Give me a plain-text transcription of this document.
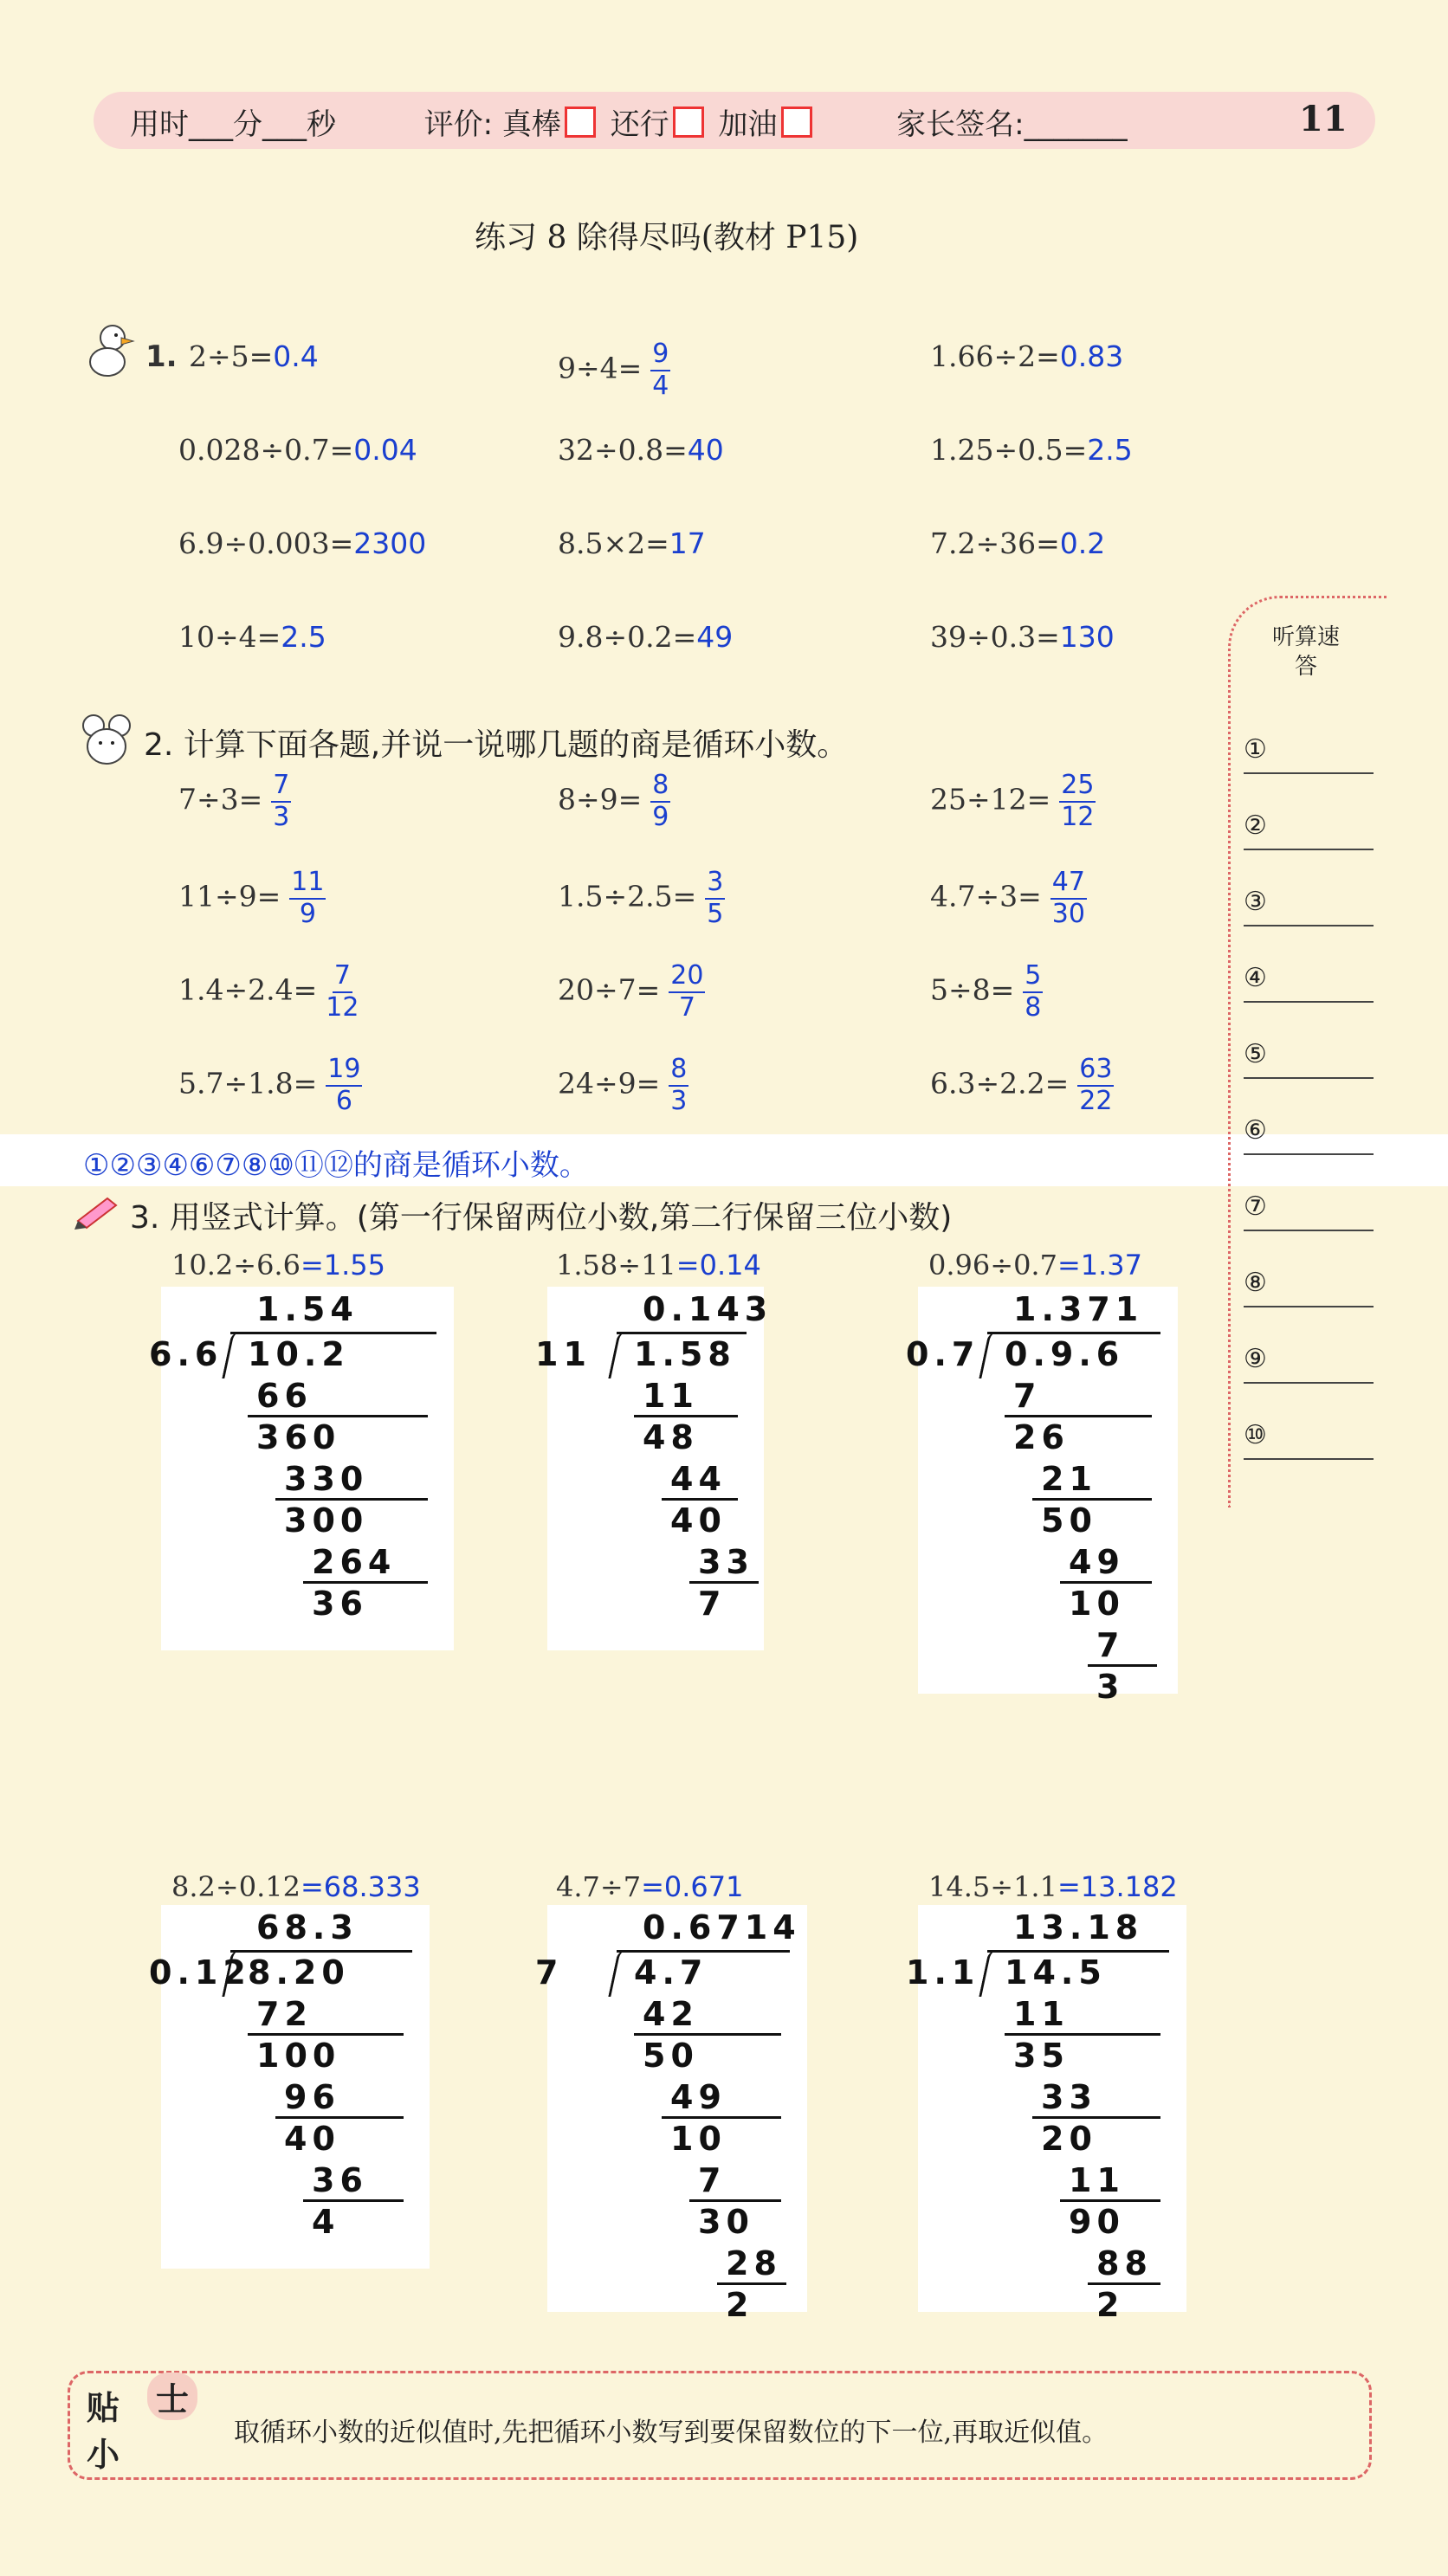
用时___分___秒	评价: 真棒 还行 加油	家长签名:_______	11
练习 8 除得尽吗(教材 P15)
1.
2. 计算下面各题,并说一说哪几题的商是循环小数。
①②③④⑥⑦⑧⑩⑪⑫的商是循环小数。
3. 用竖式计算。(第一行保留两位小数,第二行保留三位小数)
听算速答
贴 士
小
取循环小数的近似值时,先把循环小数写到要保留数位的下一位,再取近似值。
2÷5=0.4	$9\div 4= \frac{9}{4}$	1.66÷2=0.83
0.028÷0.7=0.04	32÷0.8=40	1.25÷0.5=2.5
6.9÷0.003=2300	8.5×2=17	7.2÷36=0.2
10÷4=2.5	9.8÷0.2=49	39÷0.3=130
$7\div 3= \frac{7}{3}$	$8\div 9= \frac{8}{9}$	$25\div 12= \frac{25}{12}$
$11\div 9= \frac{11}{9}$	$1.5\div 2.5= \frac{3}{5}$	$4.7\div 3= \frac{47}{30}$
$1.4\div 2.4= \frac{7}{12}$	$20\div 7= \frac{20}{7}$	$5\div 8= \frac{5}{8}$
$5.7\div 1.8= \frac{19}{6}$	$24\div 9= \frac{8}{3}$	$6.3\div 2.2= \frac{63}{22}$
10.2÷6.6=1.55	1.58÷11=0.14	0.96÷0.7=1.37
8.2÷0.12=68.333	4.7÷7=0.671	14.5÷1.1=13.182
1.54
6.6 10.2
66
360
330
300
264
36
0.143
11 1.58
11
48
44
40
33
7
1.371
0.7 0.9.6
7
26
21
50
49
10
7
3
68.3
0.12
8.20
72
100
96
40
36
4
0.6714
7 4.7
42
50
49
10
7
30
28
2
13.18
1.1 14.5
11
35
33
20
11
90
88
2
①
②
③
④
⑤
⑥
⑦
⑧
⑨
⑩
